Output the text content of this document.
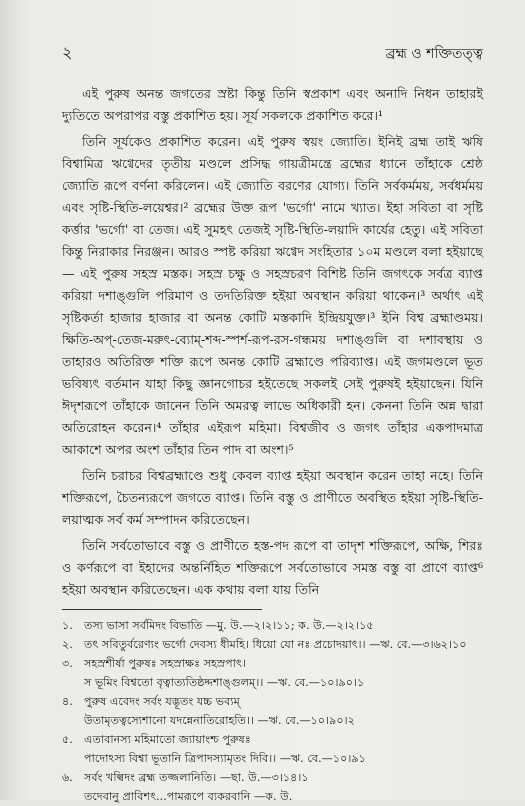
২	ব্রহ্ম ও শক্তিতত্ত্ব

এই পুরুষ অনন্ত জগতের স্রষ্টা কিন্তু তিনি স্বপ্রকাশ এবং অনাদি নিধন তাহারই দ্যুতিতে অপরাপর বস্তু প্রকাশিত হয়। সূর্য সকলকে প্রকাশিত করে।¹

তিনি সূর্যকেও প্রকাশিত করেন। এই পুরুষ স্বয়ং জ্যোতি। ইনিই ব্রহ্ম তাই ঋষি বিশ্বামিত্র ঋগ্বেদের তৃতীয় মণ্ডলে প্রসিদ্ধ গায়ত্রীমন্ত্রে ব্রহ্মের ধ্যানে তাঁহাকে শ্রেষ্ঠ জ্যোতি রূপে বর্ণনা করিলেন। এই জ্যোতি বরণের যোগ্য। তিনি সর্বকর্মময়, সর্বধর্মময় এবং সৃষ্টি-স্থিতি-লয়েশ্বর।² ব্রহ্মের উক্ত রূপ 'ভর্গো' নামে খ্যাত। ইহা সবিতা বা সৃষ্টি কর্ত্তার 'ভর্গো' বা তেজ। এই সুমহৎ তেজই সৃষ্টি-স্থিতি-লয়াদি কার্যের হেতু। এই সবিতা কিন্তু নিরাকার নিরঞ্জন। আরও স্পষ্ট করিয়া ঋগ্বেদ সংহিতার ১০ম মণ্ডলে বলা হইয়াছে— এই পুরুষ সহস্র মস্তক। সহস্র চক্ষু ও সহস্রচরণ বিশিষ্ট তিনি জগৎকে সর্বত্র ব্যাপ্ত করিয়া দশাঙ্গুলি পরিমাণ ও তদতিরিক্ত হইয়া অবস্থান করিয়া থাকেন।³ অর্থাৎ এই সৃষ্টিকর্তা হাজার হাজার বা অনন্ত কোটি মস্তকাদি ইন্দ্রিয়যুক্ত।³ ইনি বিশ্ব ব্রহ্মাণ্ডময়। ক্ষিতি-অপ্-তেজ-মরুৎ-ব্যোম্-শব্দ-স্পর্শ-রূপ-রস-গন্ধময় দশাঙ্গুলি বা দশাবস্থায় ও তাহারও অতিরিক্ত শক্তি রূপে অনন্ত কোটি ব্রহ্মাণ্ডে পরিব্যাপ্ত। এই জগমণ্ডলে ভূত ভবিষ্যৎ বর্তমান যাহা কিছু জ্ঞানগোচর হইতেছে সকলই সেই পুরুষই হইয়াছেন। যিনি ঈদৃশরূপে তাঁহাকে জানেন তিনি অমরত্ব লাভে অধিকারী হন। কেননা তিনি অন্ন দ্বারা অতিরোহন করেন।⁴ তাঁহার এইরূপ মহিমা। বিশ্বজীব ও জগৎ তাঁহার একপাদমাত্র আকাশে অপর অংশ তাঁহার তিন পাদ বা অংশ।⁵

তিনি চরাচর বিশ্বব্রহ্মাণ্ডে শুধু কেবল ব্যাপ্ত হইয়া অবস্থান করেন তাহা নহে। তিনি শক্তিরূপে, চৈতন্যরূপে জগতে ব্যাপ্ত। তিনি বস্তু ও প্রাণীতে অবস্থিত হইয়া সৃষ্টি-স্থিতি-লয়াত্মক সর্ব কর্ম সম্পাদন করিতেছেন।

তিনি সর্বতোভাবে বস্তু ও প্রাণীতে হস্ত-পদ রূপে বা তাদৃশ শক্তিরূপে, অক্ষি, শিরঃ ও কর্ণরূপে বা ইহাদের অন্তর্নিহিত শক্তিরূপে সর্বতোভাবে সমস্ত বস্তু বা প্রাণে ব্যাপ্ত⁶ হইয়া অবস্থান করিতেছেন। এক কথায় বলা যায় তিনি

১. তস্য ভাসা সর্বমিদং বিভাতি —মু. উ.—২।২।১১; ক. উ.—২।২।১৫
২. তৎ সবিতুর্বরেণ্যং ভর্গো দেবস্য ধীমহি। ধিয়ো যো নঃ প্রচোদয়াৎ।। —ঋ. বে.—৩।৬২।১০
৩. সহস্রশীর্ষা পুরুষঃ সহস্রাক্ষঃ সহস্রপাৎ।
স ভূমিং বিশ্বতো বৃত্বাত্যতিষ্ঠদ্দশাঙ্গুলম্।। —ঋ. বে.—১০।৯০।১
৪. পুরুষ এবেদং সর্বং যদ্ভূতং যচ্চ ভব্যম্
উতামৃতত্বস্যেশানো যদন্নেনাতিরোহতি।। —ঋ. বে.—১০।৯০।২
৫. এতাবানস্য মহিমাতো জ্যায়াংশ্চ পুরুষঃ
পাদোঽস্য বিশ্বা ভূতানি ত্রিপাদস্যামৃতং দিবি।। —ঋ. বে.—১০।৯১
৬. সর্বং খল্বিদং ব্রহ্ম তজ্জলানিতি। —ছা. উ.—৩।১৪।১
তদেবানু প্রাবিশৎ...পামরূপে ব্যকরবানি —ক. উ.
